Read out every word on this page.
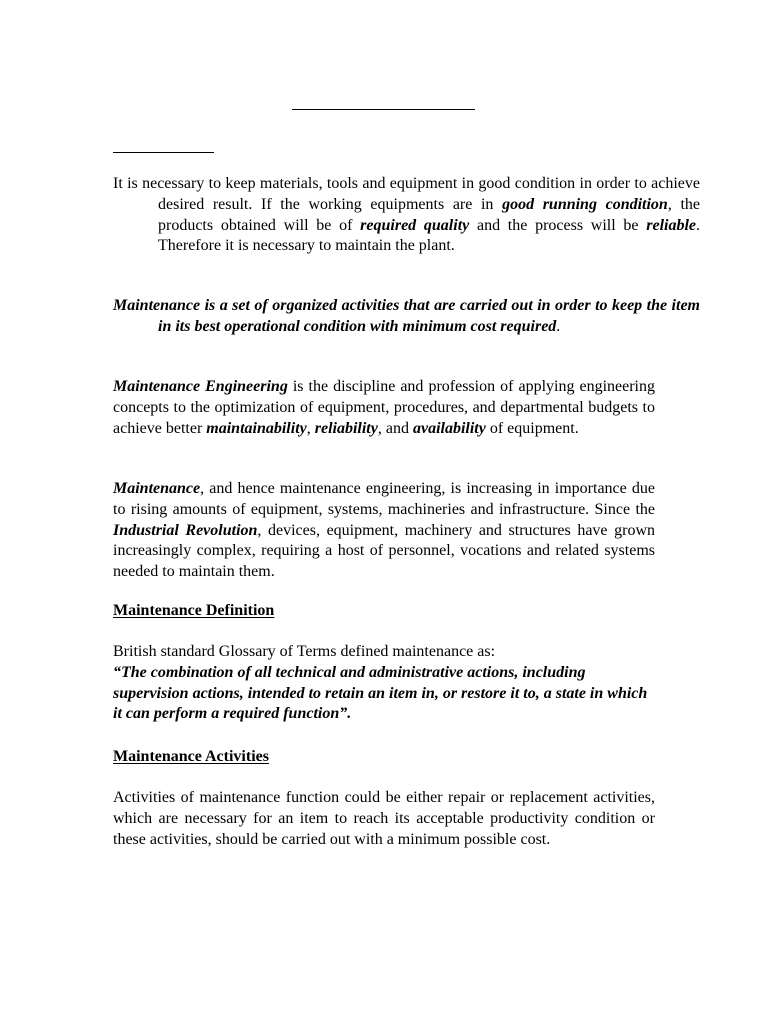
It is necessary to keep materials, tools and equipment in good condition in order to achieve desired result. If the working equipments are in good running condition, the products obtained will be of required quality and the process will be reliable. Therefore it is necessary to maintain the plant.

Maintenance is a set of organized activities that are carried out in order to keep the item in its best operational condition with minimum cost required.

Maintenance Engineering is the discipline and profession of applying engineering concepts to the optimization of equipment, procedures, and departmental budgets to achieve better maintainability, reliability, and availability of equipment.

Maintenance, and hence maintenance engineering, is increasing in importance due to rising amounts of equipment, systems, machineries and infrastructure. Since the Industrial Revolution, devices, equipment, machinery and structures have grown increasingly complex, requiring a host of personnel, vocations and related systems needed to maintain them.

Maintenance Definition

British standard Glossary of Terms defined maintenance as:
“The combination of all technical and administrative actions, including supervision actions, intended to retain an item in, or restore it to, a state in which it can perform a required function”.

Maintenance Activities

Activities of maintenance function could be either repair or replacement activities, which are necessary for an item to reach its acceptable productivity condition or these activities, should be carried out with a minimum possible cost.
